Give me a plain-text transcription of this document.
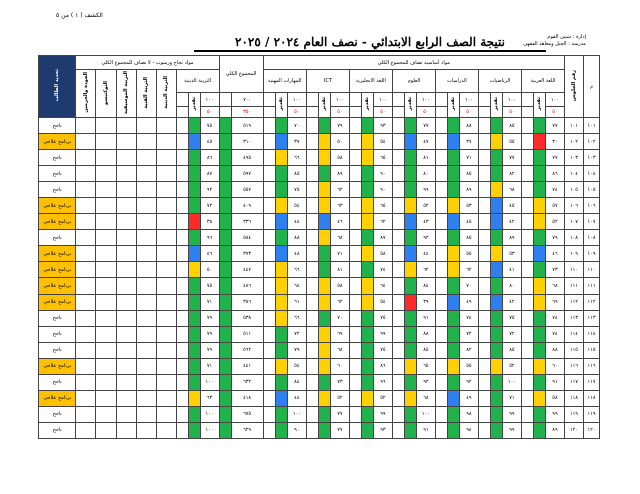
الكشف ( ١ ) من ٥
إدارة : شبين القوم
مدرسة : الجبل ومعاهد الفقهي
نتيجة الصف الرابع الابتدائي - نصف العام ٢٠٢٤ / ٢٠٢٥
م	رقم الجلوس	مواد أساسية تضاف للمجموع الكلي																					المجموع الكلي		مواد نجاح ورسوب - لا تضاف للمجموع الكلي								تحديد الطالب
		اللغة العربية			الرياضيات			الدراسات			العلوم			اللغة الانجليزية			ICT			المهارات المهنية					التربية الدينية			التربية الدينية	التربية الفنية	التربية الموسيقية	النوكتيسو	الجودة والجرمين	
		١٠٠	تقدير		١٠٠	تقدير		١٠٠	تقدير		١٠٠	تقدير		١٠٠	تقدير		١٠٠	تقدير		١٠٠	تقدير		٧٠٠		١٠٠	تقدير							
		٥٠			٥٠			٥٠			٥٠			٥٠			٥٠			٥٠			٣٥٠		٥٠								
١٠١	١٠١	٧٧			٨٥			٨٨			٧٧			٩٣			٧٩			٧٠			٥١٩		٧٥								ناجح
١٠٢	١٠٢	٣٠			٥٥			٣٧			٤٧			٥٤			٥٠			٣٧			٣١٠		٤٥								برنامج علاجي
١٠٣	١٠٣	٧٧			٧٧			٧١			٨١			٦٥			٥٨			٦٦			٤٩٥		٨٦								ناجح
١٠٤	١٠٤	٨٦			٨٢			٨٥			٨٠			٩٠			٨٩			٨٥			٥٩٧		٨٧								ناجح
١٠٥	١٠٥	٧٤			٦٨			٨٩			٩٩			٩٠			٦٢			٧٥			٥٥٧		٩٢								ناجح
١٠٦	١٠٦	٥٧			٤٥			٥٣			٥٢			٦٥			٦٣			٥٤			٤٠٩		٧٢								برنامج علاجي
١٠٧	١٠٧	٥٢			٤٢			٤٥			٤٣			٦٢			٤٦			٤٤			٣٣٦		٣٨								برنامج علاجي
١٠٨	١٠٨	٧٩			٨٩			٨٥			٩٢			٨٧			٦٨			٨٨			٥٨٤		٩٦								ناجح
١٠٩	١٠٩	٤٦			٥٣			٥٥			٤٤			٥٨			٧١			٤٨			٣٧٣		٤٦								برنامج علاجي
١١٠	١١٠	٧٣			٤١			٦٢			٦٢			٧٤			٨١			٦٦			٤٤٧		٥٠								برنامج علاجي
١١١	١١١	٦٨			٨٠			٧٠			٨٤			٦٤			٥٨			٦٤			٤٨٦		٧٥								برنامج علاجي
١١٢	١١٢	٦٩			٤٢			٤٩			٣٩			٥٤			٦٢			٦١			٣٨٦		٧١								برنامج علاجي
١١٣	١١٣	٧٤			٧٥			٧٤			٩١			٧٥			٧٠			٦٦			٥٣٨		٧٩								ناجح
١١٤	١١٤	٧٤			٧٢			٧٢			٨٨			٩٩			٦٩			٧٢			٥١١		٧٩								ناجح
١١٥	١١٥	٨٨			٨٥			٨٢			٨٥			٧٥			٦٨			٧٩			٥٦٢		٧٩								ناجح
١١٦	١١٦	٦٠			٥٢			٥٥			٦٥			٨٦			٦٠			٥٤			٤٤١		٧١								برنامج علاجي
١١٧	١١٧	٩١			١٠٠			٩٢			٩٢			٩٦			٧٣			٨٤			٦٣٢		١٠٠								ناجح
١١٨	١١٨	٥٨			٧١			٤٩			٦٨			٥٢			٥٢			٤٤			٤١٨		٦٣								برنامج علاجي
١١٩	١١٩	٩٩			٩٩			٩٨			١٠٠			٩٩			٧٧			١٠٠			٦٧٥		١٠٠								ناجح
١٢٠	١٢٠	٨٩			٩٩			٩٤			٩١			٩٣			٧٧			٩٠			٦٢٩		١٠٠								ناجح
